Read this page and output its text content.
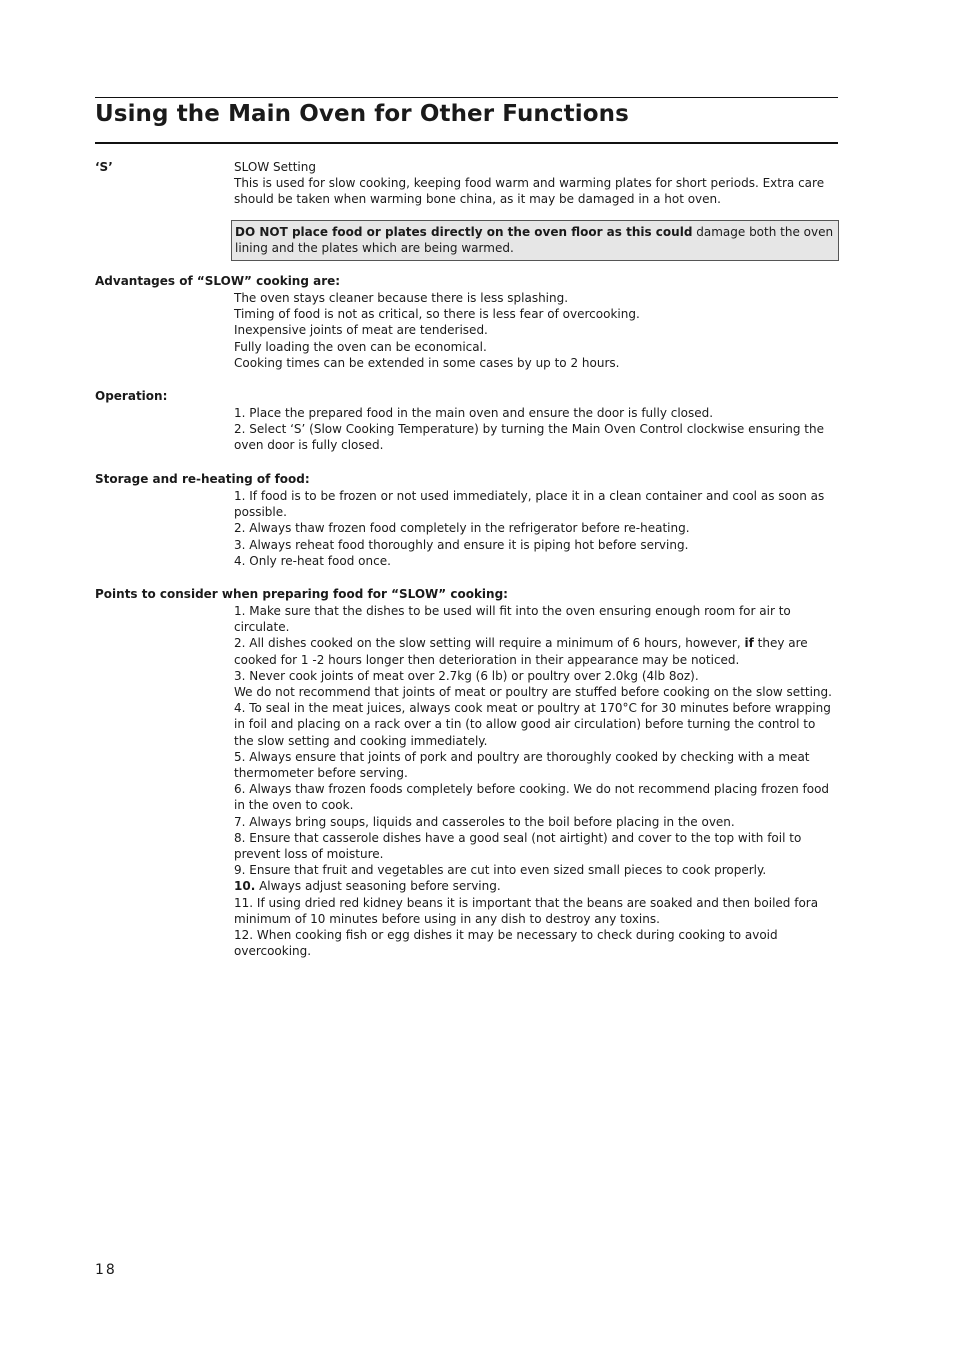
Using the Main Oven for Other Functions
‘S’	SLOW Setting

This is used for slow cooking, keeping food warm and warming plates for short periods. Extra care should be taken when warming bone china, as it may be damaged in a hot oven.

DO NOT place food or plates directly on the oven floor as this could damage both the oven lining and the plates which are being warmed.
Advantages of “SLOW” cooking are:

The oven stays cleaner because there is less splashing.

Timing of food is not as critical, so there is less fear of overcooking.

Inexpensive joints of meat are tenderised.

Fully loading the oven can be economical.

Cooking times can be extended in some cases by up to 2 hours.

Operation:

1. Place the prepared food in the main oven and ensure the door is fully closed.

2. Select ‘S’ (Slow Cooking Temperature) by turning the Main Oven Control clockwise ensuring the oven door is fully closed.

Storage and re-heating of food:

1. If food is to be frozen or not used immediately, place it in a clean container and cool as soon as possible.

2. Always thaw frozen food completely in the refrigerator before re-heating.

3. Always reheat food thoroughly and ensure it is piping hot before serving.

4. Only re-heat food once.

Points to consider when preparing food for “SLOW” cooking:

1. Make sure that the dishes to be used will fit into the oven ensuring enough room for air to circulate.

2. All dishes cooked on the slow setting will require a minimum of 6 hours, however, if they are cooked for 1 -2 hours longer then deterioration in their appearance may be noticed.

3. Never cook joints of meat over 2.7kg (6 lb) or poultry over 2.0kg (4lb 8oz).

We do not recommend that joints of meat or poultry are stuffed before cooking on the slow setting.

4. To seal in the meat juices, always cook meat or poultry at 170°C for 30 minutes before wrapping in foil and placing on a rack over a tin (to allow good air circulation) before turning the control to the slow setting and cooking immediately.

5. Always ensure that joints of pork and poultry are thoroughly cooked by checking with a meat thermometer before serving.

6. Always thaw frozen foods completely before cooking. We do not recommend placing frozen food in the oven to cook.

7. Always bring soups, liquids and casseroles to the boil before placing in the oven.

8. Ensure that casserole dishes have a good seal (not airtight) and cover to the top with foil to prevent loss of moisture.

9. Ensure that fruit and vegetables are cut into even sized small pieces to cook properly.

10. Always adjust seasoning before serving.

11. If using dried red kidney beans it is important that the beans are soaked and then boiled fora minimum of 10 minutes before using in any dish to destroy any toxins.

12. When cooking fish or egg dishes it may be necessary to check during cooking to avoid overcooking.

18
